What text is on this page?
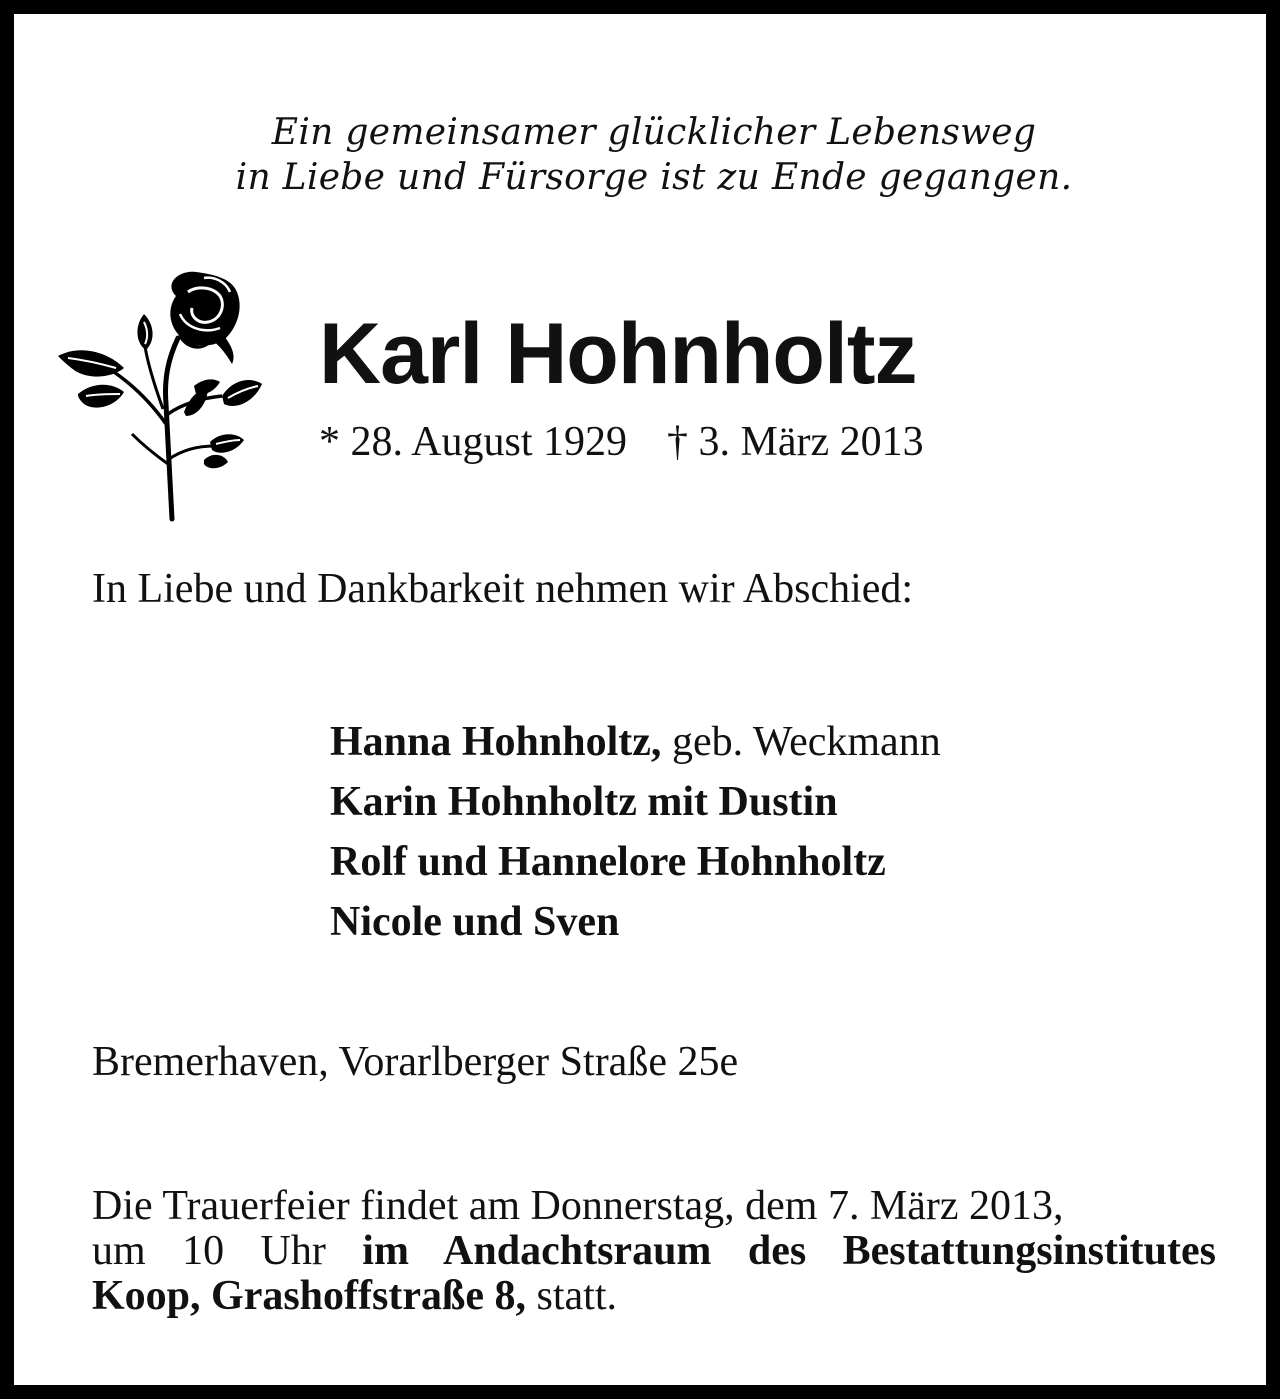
Ein gemeinsamer glücklicher Lebensweg
in Liebe und Fürsorge ist zu Ende gegangen.
Karl Hohnholtz
* 28. August 1929 † 3. März 2013
In Liebe und Dankbarkeit nehmen wir Abschied:
Hanna Hohnholtz, geb. Weckmann
Karin Hohnholtz mit Dustin
Rolf und Hannelore Hohnholtz
Nicole und Sven
Bremerhaven, Vorarlberger Straße 25e
Die Trauerfeier findet am Donnerstag, dem 7. März 2013,
um 10 Uhr im Andachtsraum des Bestattungsinstitutes
Koop, Grashoffstraße 8, statt.
